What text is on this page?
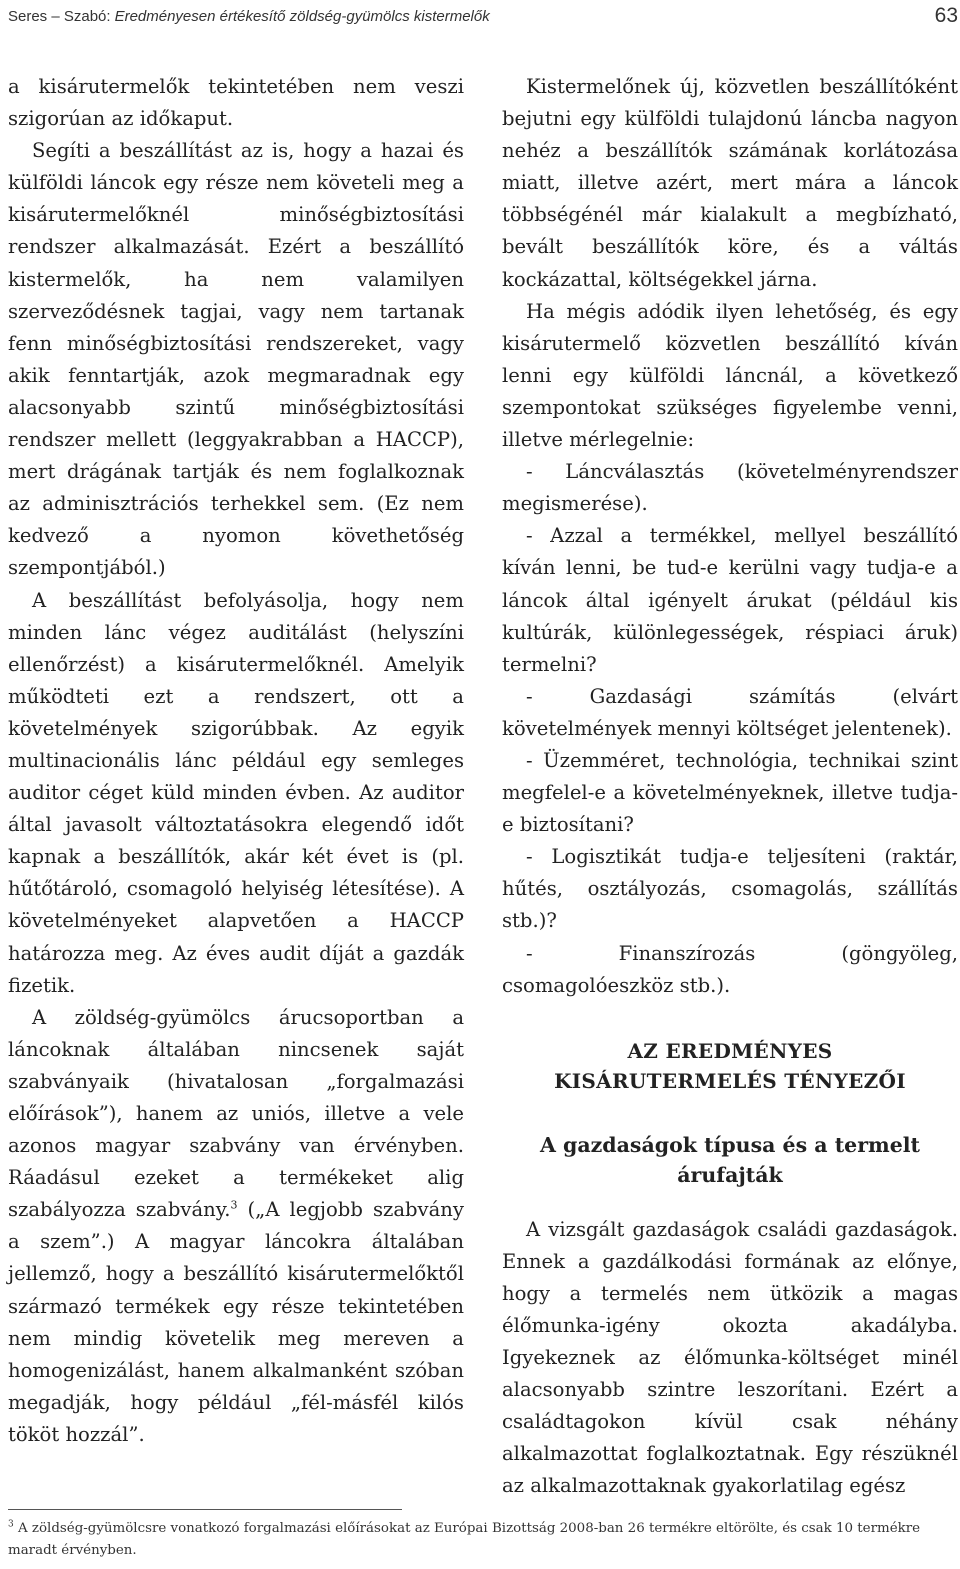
Seres – Szabó: Eredményesen értékesítő zöldség-gyümölcs kistermelők	63

a kisárutermelők tekintetében nem veszi szigorúan az időkaput.

Segíti a beszállítást az is, hogy a hazai és külföldi láncok egy része nem követeli meg a kisárutermelőknél minőségbiztosítási rendszer alkalmazását. Ezért a beszállító kistermelők, ha nem valamilyen szerveződésnek tagjai, vagy nem tartanak fenn minőségbiztosítási rendszereket, vagy akik fenntartják, azok megmaradnak egy alacsonyabb szintű minőségbiztosítási rendszer mellett (leggyakrabban a HACCP), mert drágának tartják és nem foglalkoznak az adminisztrációs terhekkel sem. (Ez nem kedvező a nyomon követhetőség szempontjából.)

A beszállítást befolyásolja, hogy nem minden lánc végez auditálást (helyszíni ellenőrzést) a kisárutermelőknél. Amelyik működteti ezt a rendszert, ott a követelmények szigorúbbak. Az egyik multinacionális lánc például egy semleges auditor céget küld minden évben. Az auditor által javasolt változtatásokra elegendő időt kapnak a beszállítók, akár két évet is (pl. hűtőtároló, csomagoló helyiség létesítése). A követelményeket alapvetően a HACCP határozza meg. Az éves audit díját a gazdák fizetik.

A zöldség-gyümölcs árucsoportban a láncoknak általában nincsenek saját szabványaik (hivatalosan „forgalmazási előírások”), hanem az uniós, illetve a vele azonos magyar szabvány van érvényben. Ráadásul ezeket a termékeket alig szabályozza szabvány.$^3$ („A legjobb szabvány a szem”.) A magyar láncokra általában jellemző, hogy a beszállító kisárutermelőktől származó termékek egy része tekintetében nem mindig követelik meg mereven a homogenizálást, hanem alkalmanként szóban megadják, hogy például „fél-másfél kilós tököt hozzál”.

Kistermelőnek új, közvetlen beszállítóként bejutni egy külföldi tulajdonú láncba nagyon nehéz a beszállítók számának korlátozása miatt, illetve azért, mert mára a láncok többségénél már kialakult a megbízható, bevált beszállítók köre, és a váltás kockázattal, költségekkel járna.

Ha mégis adódik ilyen lehetőség, és egy kisárutermelő közvetlen beszállító kíván lenni egy külföldi láncnál, a következő szempontokat szükséges figyelembe venni, illetve mérlegelnie:

- Láncválasztás (követelményrendszer megismerése).

- Azzal a termékkel, mellyel beszállító kíván lenni, be tud-e kerülni vagy tudja-e a láncok által igényelt árukat (például kis kultúrák, különlegességek, réspiaci áruk) termelni?

- Gazdasági számítás (elvárt követelmények mennyi költséget jelentenek).

- Üzemméret, technológia, technikai szint megfelel-e a követelményeknek, illetve tudja-e biztosítani?

- Logisztikát tudja-e teljesíteni (raktár, hűtés, osztályozás, csomagolás, szállítás stb.)?

- Finanszírozás (göngyöleg, csomagolóeszköz stb.).

AZ EREDMÉNYES
KISÁRUTERMELÉS TÉNYEZŐI
A gazdaságok típusa és a termelt
árufajták

A vizsgált gazdaságok családi gazdaságok. Ennek a gazdálkodási formának az előnye, hogy a termelés nem ütközik a magas élőmunka-igény okozta akadályba. Igyekeznek az élőmunka-költséget minél alacsonyabb szintre leszorítani. Ezért a családtagokon kívül csak néhány alkalmazottat foglalkoztatnak. Egy részüknél az alkalmazottaknak gyakorlatilag egész

$^3$ A zöldség-gyümölcsre vonatkozó forgalmazási előírásokat az Európai Bizottság 2008-ban 26 termékre eltörölte, és csak 10 termékre maradt érvényben.
